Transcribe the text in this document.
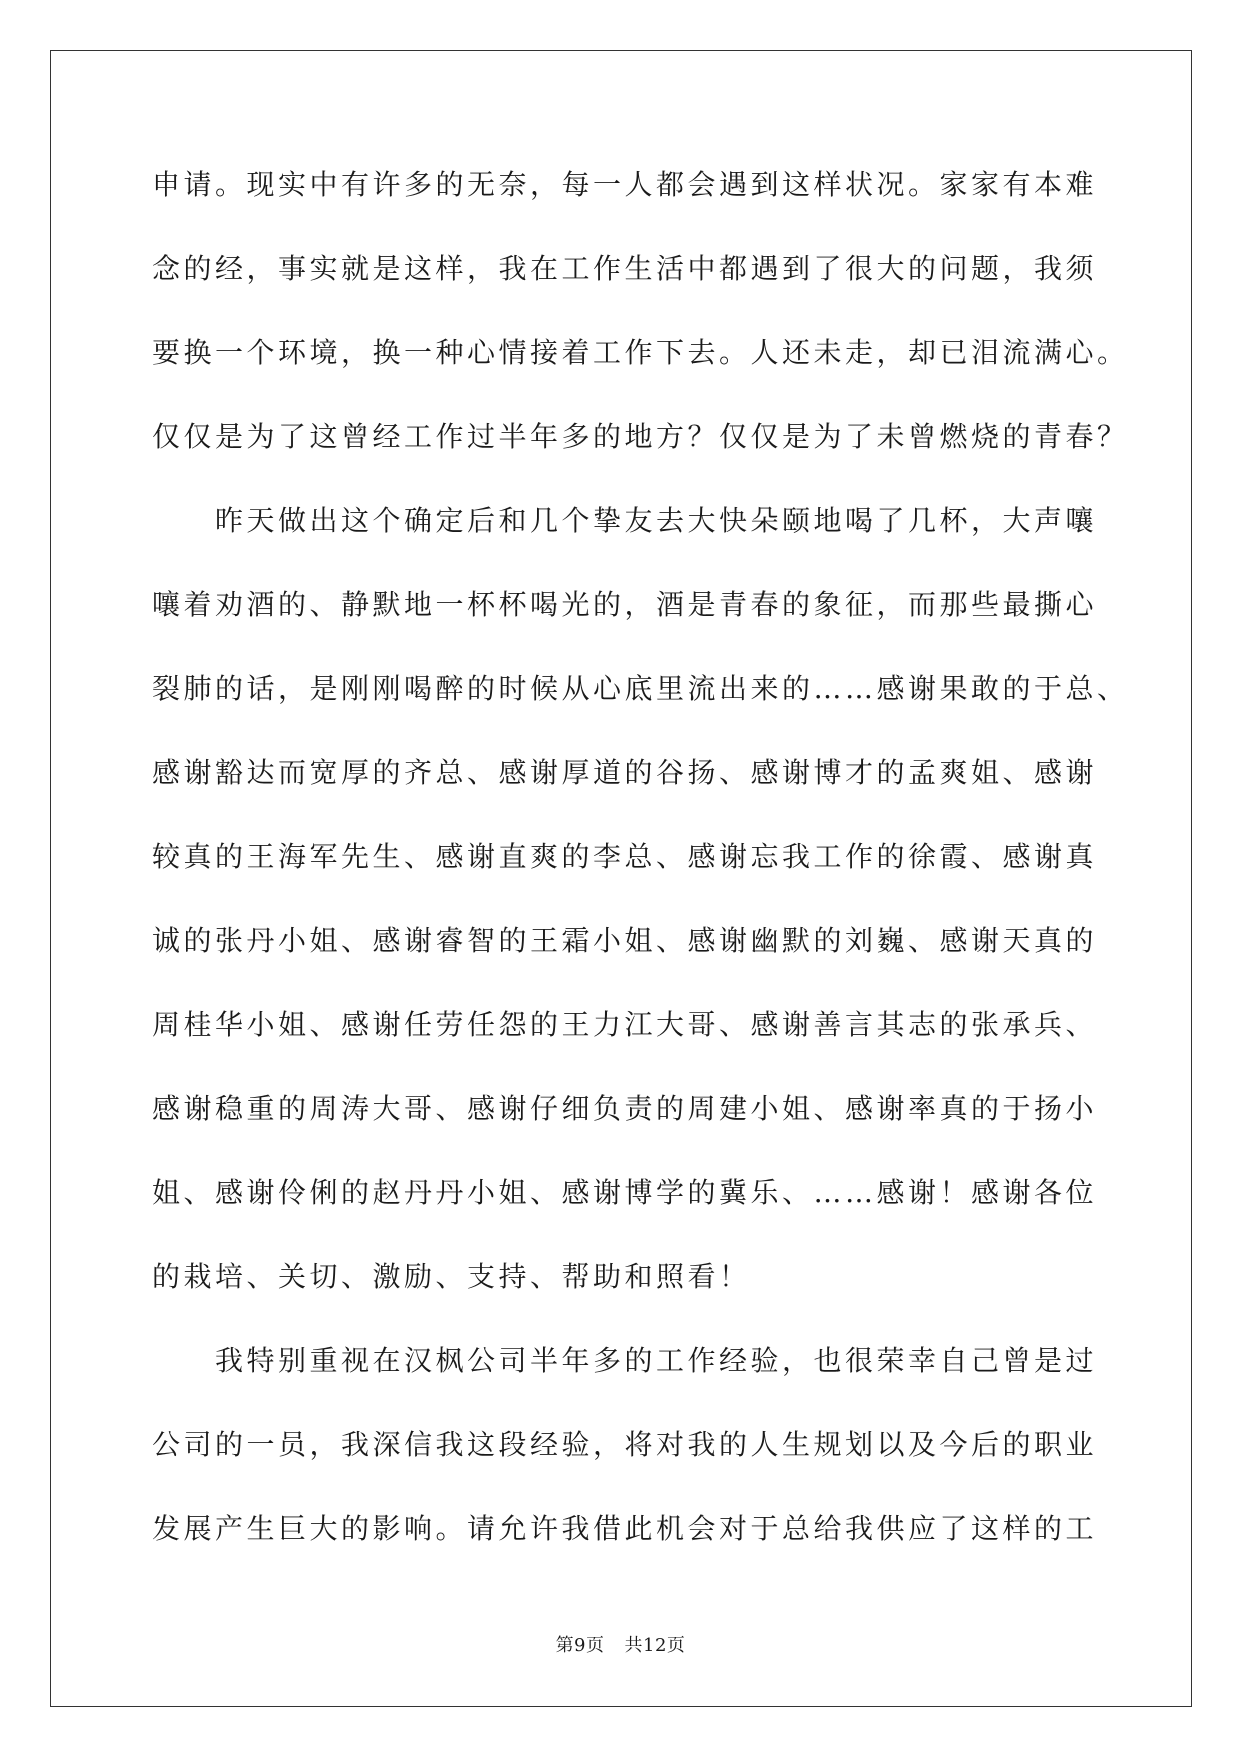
申请。现实中有许多的无奈，每一人都会遇到这样状况。家家有本难
念的经，事实就是这样，我在工作生活中都遇到了很大的问题，我须
要换一个环境，换一种心情接着工作下去。人还未走，却已泪流满心。
仅仅是为了这曾经工作过半年多的地方？仅仅是为了未曾燃烧的青春？
　　昨天做出这个确定后和几个挚友去大快朵颐地喝了几杯，大声嚷
嚷着劝酒的、静默地一杯杯喝光的，酒是青春的象征，而那些最撕心
裂肺的话，是刚刚喝醉的时候从心底里流出来的……感谢果敢的于总、
感谢豁达而宽厚的齐总、感谢厚道的谷扬、感谢博才的孟爽姐、感谢
较真的王海军先生、感谢直爽的李总、感谢忘我工作的徐霞、感谢真
诚的张丹小姐、感谢睿智的王霜小姐、感谢幽默的刘巍、感谢天真的
周桂华小姐、感谢任劳任怨的王力江大哥、感谢善言其志的张承兵、
感谢稳重的周涛大哥、感谢仔细负责的周建小姐、感谢率真的于扬小
姐、感谢伶俐的赵丹丹小姐、感谢博学的冀乐、……感谢！感谢各位
的栽培、关切、激励、支持、帮助和照看！
　　我特别重视在汉枫公司半年多的工作经验，也很荣幸自己曾是过
公司的一员，我深信我这段经验，将对我的人生规划以及今后的职业
发展产生巨大的影响。请允许我借此机会对于总给我供应了这样的工
第9页 共12页
